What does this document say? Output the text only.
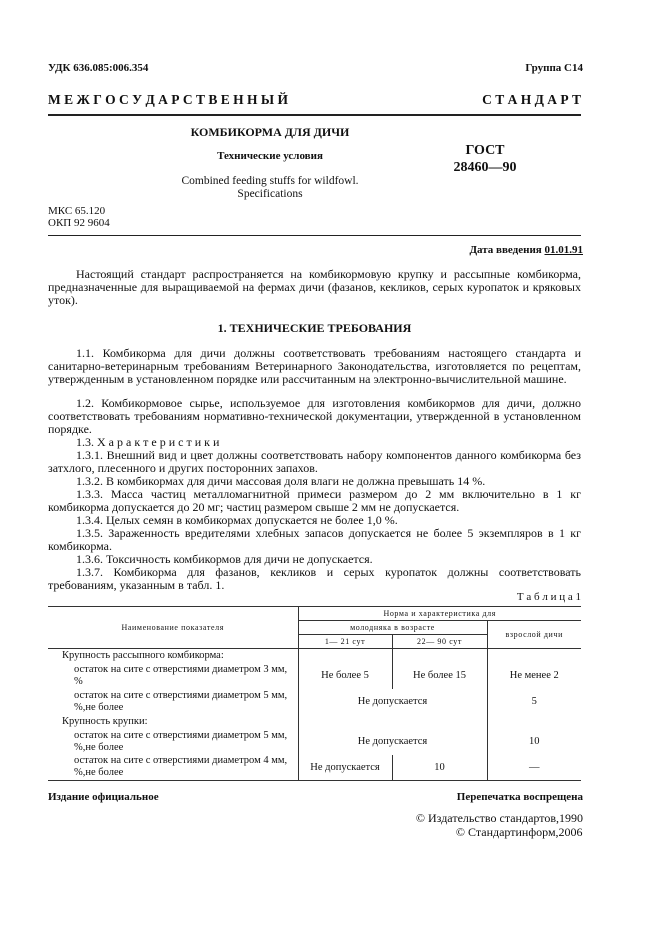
УДК 636.085:006.354	Группа С14
М Е Ж Г О С У Д А Р С Т В Е Н Н Ы Й	С Т А Н Д А Р Т
КОМБИКОРМА ДЛЯ ДИЧИ
Технические условия
Combined feeding stuffs for wildfowl.
Specifications
ГОСТ
28460—90
МКС 65.120
ОКП 92 9604
Дата введения 01.01.91

Настоящий стандарт распространяется на комбикормовую крупку и рассыпные комбикорма, предназначенные для выращиваемой на фермах дичи (фазанов, кекликов, серых куропаток и кряковых уток).

1. ТЕХНИЧЕСКИЕ ТРЕБОВАНИЯ

1.1. Комбикорма для дичи должны соответствовать требованиям настоящего стандарта и санитарно-ветеринарным требованиям Ветеринарного Законодательства, изготовляется по рецептам, утвержденным в установленном порядке или рассчитанным на электронно-вычислительной машине.

1.2. Комбикормовое сырье, используемое для изготовления комбикормов для дичи, должно соответствовать требованиям нормативно-технической документации, утвержденной в установленном порядке.

1.3. Х а р а к т е р и с т и к и

1.3.1. Внешний вид и цвет должны соответствовать набору компонентов данного комбикорма без затхлого, плесенного и других посторонних запахов.

1.3.2. В комбикормах для дичи массовая доля влаги не должна превышать 14 %.

1.3.3. Масса частиц металломагнитной примеси размером до 2 мм включительно в 1 кг комбикорма допускается до 20 мг; частиц размером свыше 2 мм не допускается.

1.3.4. Целых семян в комбикормах допускается не более 1,0 %.

1.3.5. Зараженность вредителями хлебных запасов допускается не более 5 экземпляров в 1 кг комбикорма.

1.3.6. Токсичность комбикормов для дичи не допускается.

1.3.7. Комбикорма для фазанов, кекликов и серых куропаток должны соответствовать требованиям, указанным в табл. 1.

Т а б л и ц а 1
Наименование показателя	Норма и характеристика для		
	молодняка в возрасте		взрослой дичи
	1— 21 сут	22— 90 сут	
Крупность рассыпного комбикорма:			

остаток на сите с отверстиями диаметром 3 мм,
%	Не более 5	Не более 15	Не менее 2

остаток на сите с отверстиями диаметром 5 мм,
%,не более	Не допускается		5
Крупность крупки:			

остаток на сите с отверстиями диаметром 5 мм,
%,не более	Не допускается		10

остаток на сите с отверстиями диаметром 4 мм,
%,не более	Не допускается	10	—
Издание официальное	Перепечатка воспрещена
© Издательство стандартов,1990
© Стандартинформ,2006
